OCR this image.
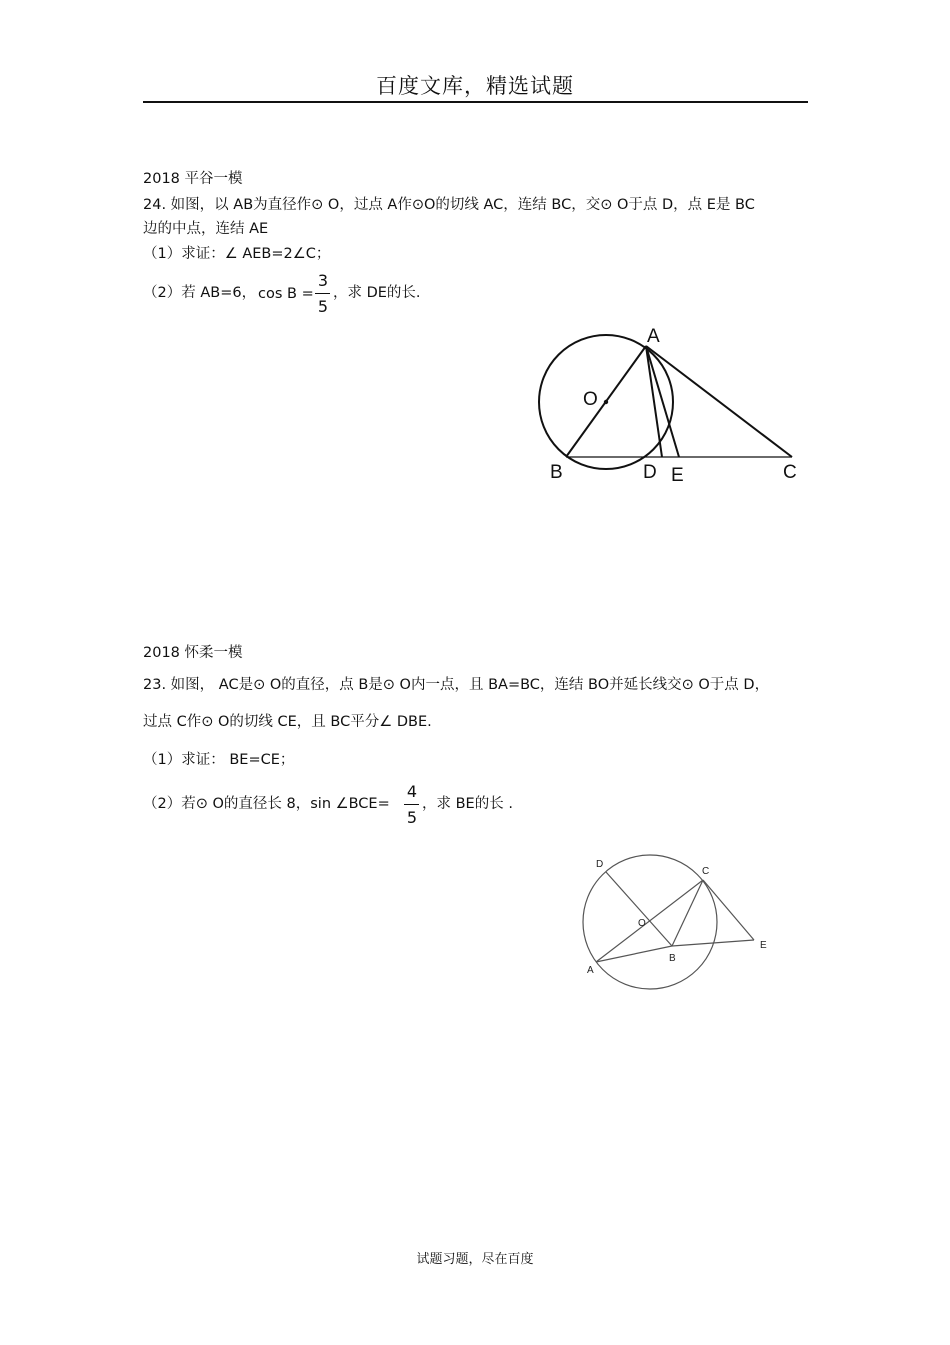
百度文库，精选试题
2018 平谷一模
24. 如图，以 AB为直径作⊙ O，过点 A作⊙O的切线 AC，连结 BC，交⊙ O于点 D，点 E是 BC
边的中点，连结 AE
（1）求证：∠ AEB=2∠C；
（2）若 AB=6， cos B =
3
5
，求 DE的长.
2018 怀柔一模
23. 如图， AC是⊙ O的直径，点 B是⊙ O内一点，且 BA=BC，连结 BO并延长线交⊙ O于点 D，
过点 C作⊙ O的切线 CE，且 BC平分∠ DBE.
（1）求证： BE=CE；
（2）若⊙ O的直径长 8，sin ∠BCE=
4
5
，求 BE的长 .
A
O
B	D E	C
D
C
O
E
A
B
试题习题，尽在百度
